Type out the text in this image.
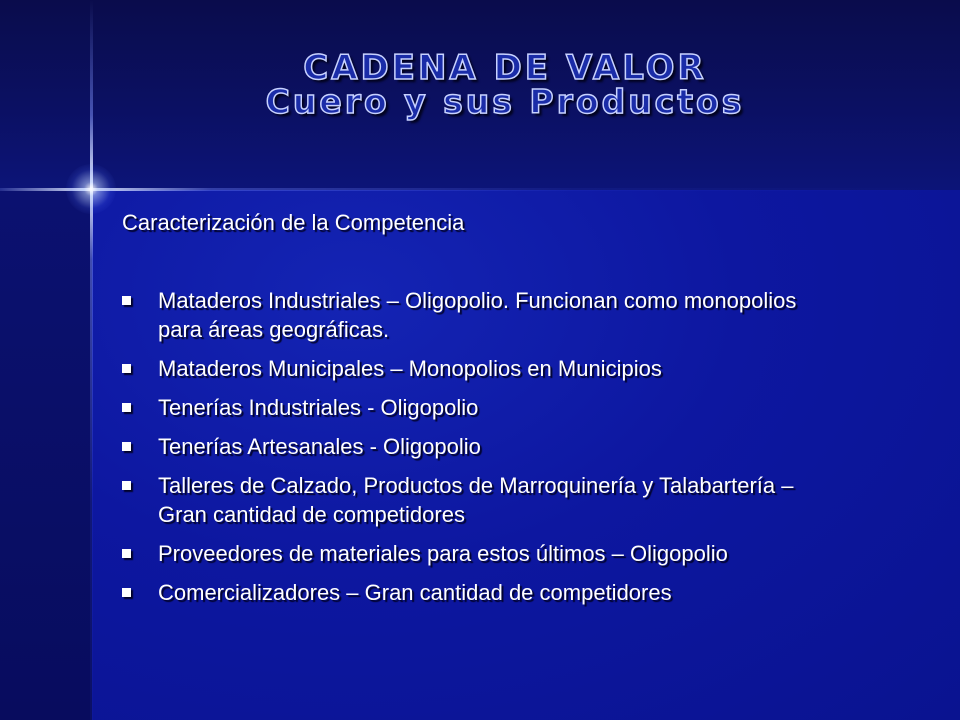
CADENA DE VALOR
Cuero y sus Productos
Caracterización de la Competencia
Mataderos Industriales – Oligopolio. Funcionan como monopolios para áreas geográficas.
Mataderos Municipales – Monopolios en Municipios
Tenerías Industriales - Oligopolio
Tenerías Artesanales - Oligopolio
Talleres de Calzado, Productos de Marroquinería y Talabartería – Gran cantidad de competidores
Proveedores de materiales para estos últimos – Oligopolio
Comercializadores – Gran cantidad de competidores
